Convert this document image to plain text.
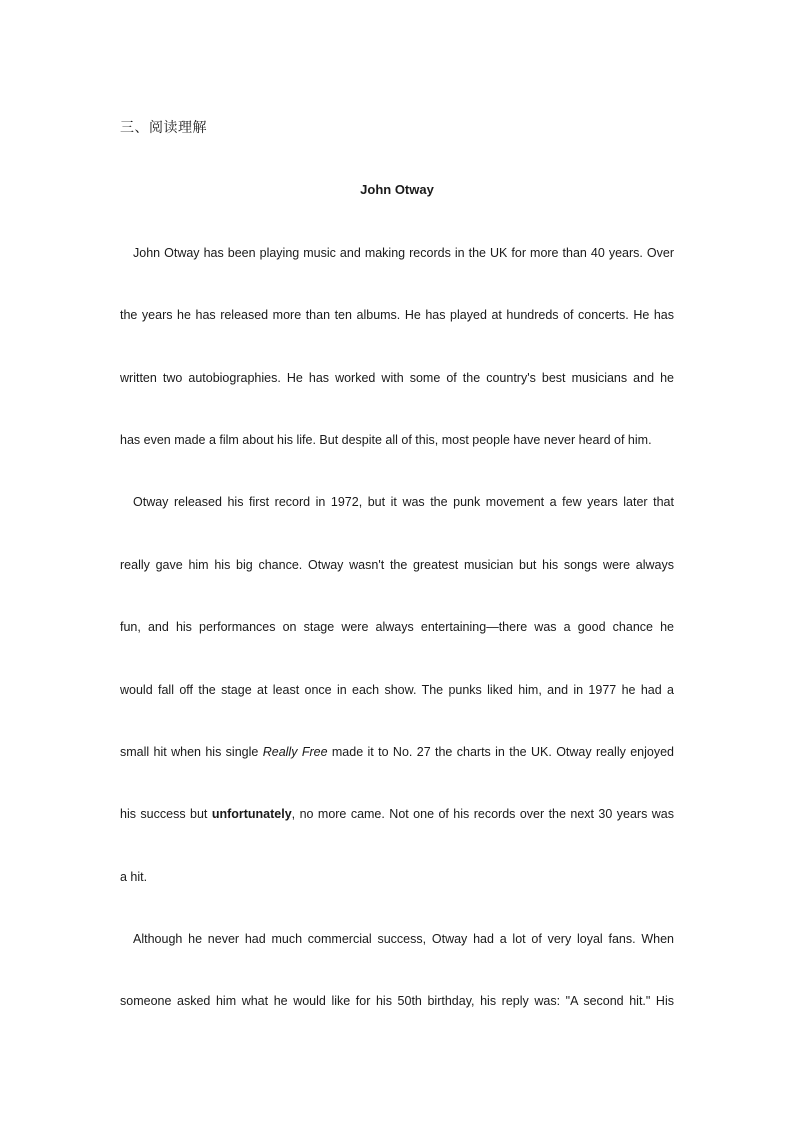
三、阅读理解
John Otway
John Otway has been playing music and making records in the UK for more than 40 years. Over
the years he has released more than ten albums. He has played at hundreds of concerts. He has
written two autobiographies. He has worked with some of the country's best musicians and he
has even made a film about his life. But despite all of this, most people have never heard of him.
Otway released his first record in 1972, but it was the punk movement a few years later that
really gave him his big chance. Otway wasn't the greatest musician but his songs were always
fun, and his performances on stage were always entertaining—there was a good chance he
would fall off the stage at least once in each show. The punks liked him, and in 1977 he had a
small hit when his single Really Free made it to No. 27 the charts in the UK. Otway really enjoyed
his success but unfortunately, no more came. Not one of his records over the next 30 years was
a hit.
Although he never had much commercial success, Otway had a lot of very loyal fans. When
someone asked him what he would like for his 50th birthday, his reply was: "A second hit." His
